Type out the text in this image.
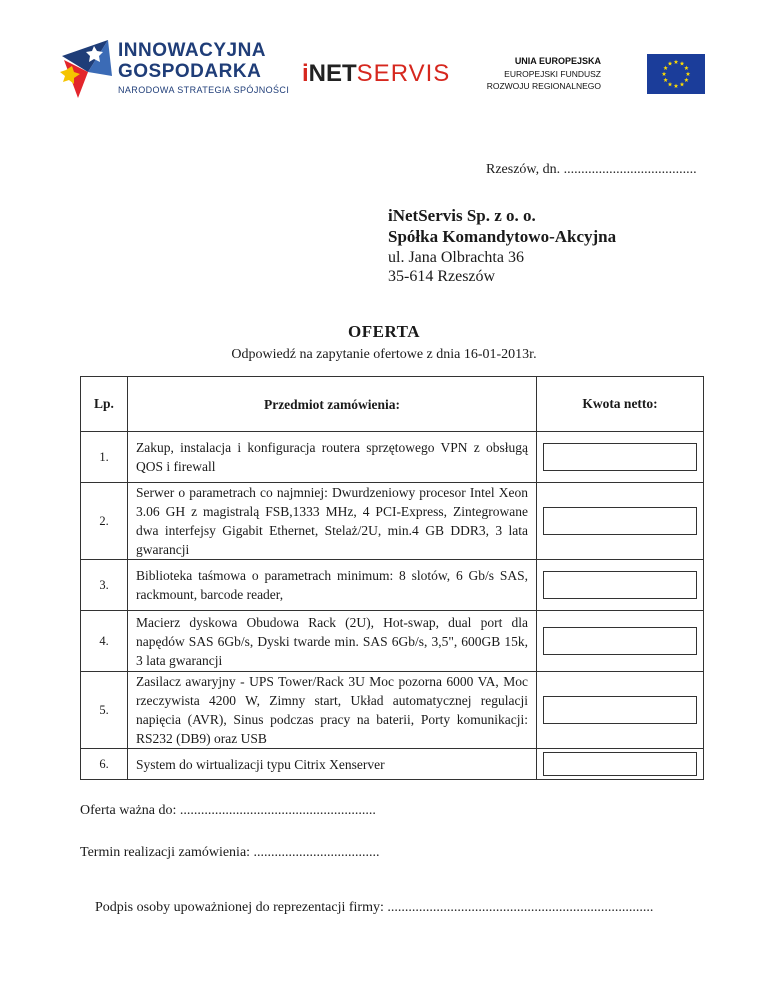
INNOWACYJNA
GOSPODARKA
NARODOWA STRATEGIA SPÓJNOŚCI
iNETSERVIS	UNIA EUROPEJSKA
EUROPEJSKI FUNDUSZ
ROZWOJU REGIONALNEGO
Rzeszów, dn. ......................................
iNetServis Sp. z o. o.
Spółka Komandytowo-Akcyjna
ul. Jana Olbrachta 36
35-614 Rzeszów
OFERTA
Odpowiedź na zapytanie ofertowe z dnia 16-01-2013r.
Lp.	Przedmiot zamówienia:	Kwota netto:
1.	Zakup, instalacja i konfiguracja routera sprzętowego VPN z obsługą QOS i firewall	

2.	Serwer o parametrach co najmniej: Dwurdzeniowy procesor Intel Xeon 3.06 GH z magistralą FSB,1333 MHz, 4 PCI-Express, Zintegrowane dwa interfejsy Gigabit Ethernet, Stelaż/2U, min.4 GB DDR3, 3 lata gwarancji	

3.	Biblioteka taśmowa o parametrach minimum: 8 slotów, 6 Gb/s SAS, rackmount, barcode reader,	

4.	Macierz dyskowa Obudowa Rack (2U), Hot-swap, dual port dla napędów SAS 6Gb/s, Dyski twarde min. SAS 6Gb/s, 3,5", 600GB 15k, 3 lata gwarancji	

5.	Zasilacz awaryjny - UPS Tower/Rack 3U Moc pozorna 6000 VA, Moc rzeczywista 4200 W, Zimny start, Układ automatycznej regulacji napięcia (AVR), Sinus podczas pracy na baterii, Porty komunikacji: RS232 (DB9) oraz USB	

6.	System do wirtualizacji typu Citrix Xenserver	
Oferta ważna do: ........................................................
Termin realizacji zamówienia: ....................................
Podpis osoby upoważnionej do reprezentacji firmy: ............................................................................
